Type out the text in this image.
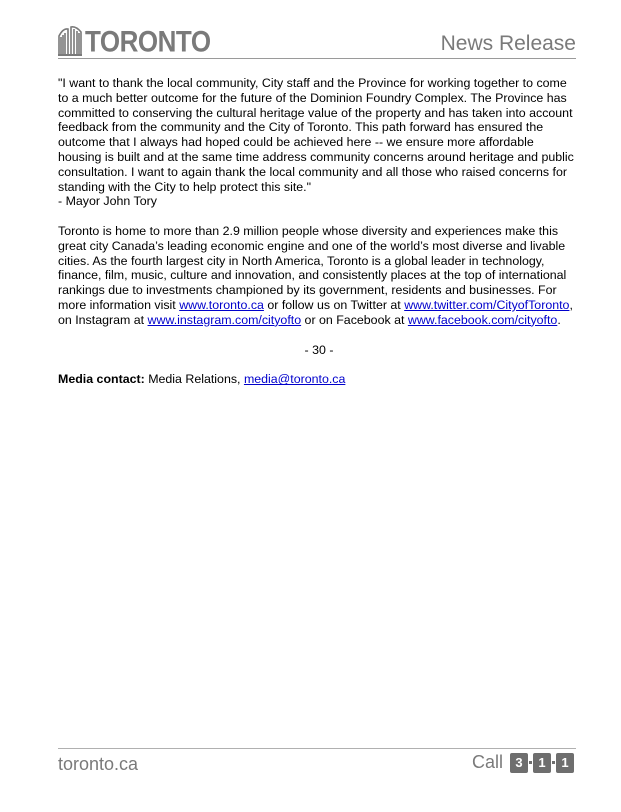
TORONTO	News Release

"I want to thank the local community, City staff and the Province for working together to come to a much better outcome for the future of the Dominion Foundry Complex. The Province has committed to conserving the cultural heritage value of the property and has taken into account feedback from the community and the City of Toronto. This path forward has ensured the outcome that I always had hoped could be achieved here -- we ensure more affordable housing is built and at the same time address community concerns around heritage and public consultation. I want to again thank the local community and all those who raised concerns for standing with the City to help protect this site."

- Mayor John Tory

Toronto is home to more than 2.9 million people whose diversity and experiences make this great city Canada’s leading economic engine and one of the world’s most diverse and livable cities. As the fourth largest city in North America, Toronto is a global leader in technology, finance, film, music, culture and innovation, and consistently places at the top of international rankings due to investments championed by its government, residents and businesses. For more information visit www.toronto.ca or follow us on Twitter at www.twitter.com/CityofToronto, on Instagram at www.instagram.com/cityofto or on Facebook at www.facebook.com/cityofto.

- 30 -

Media contact: Media Relations, media@toronto.ca

toronto.ca	Call 3	1	1
